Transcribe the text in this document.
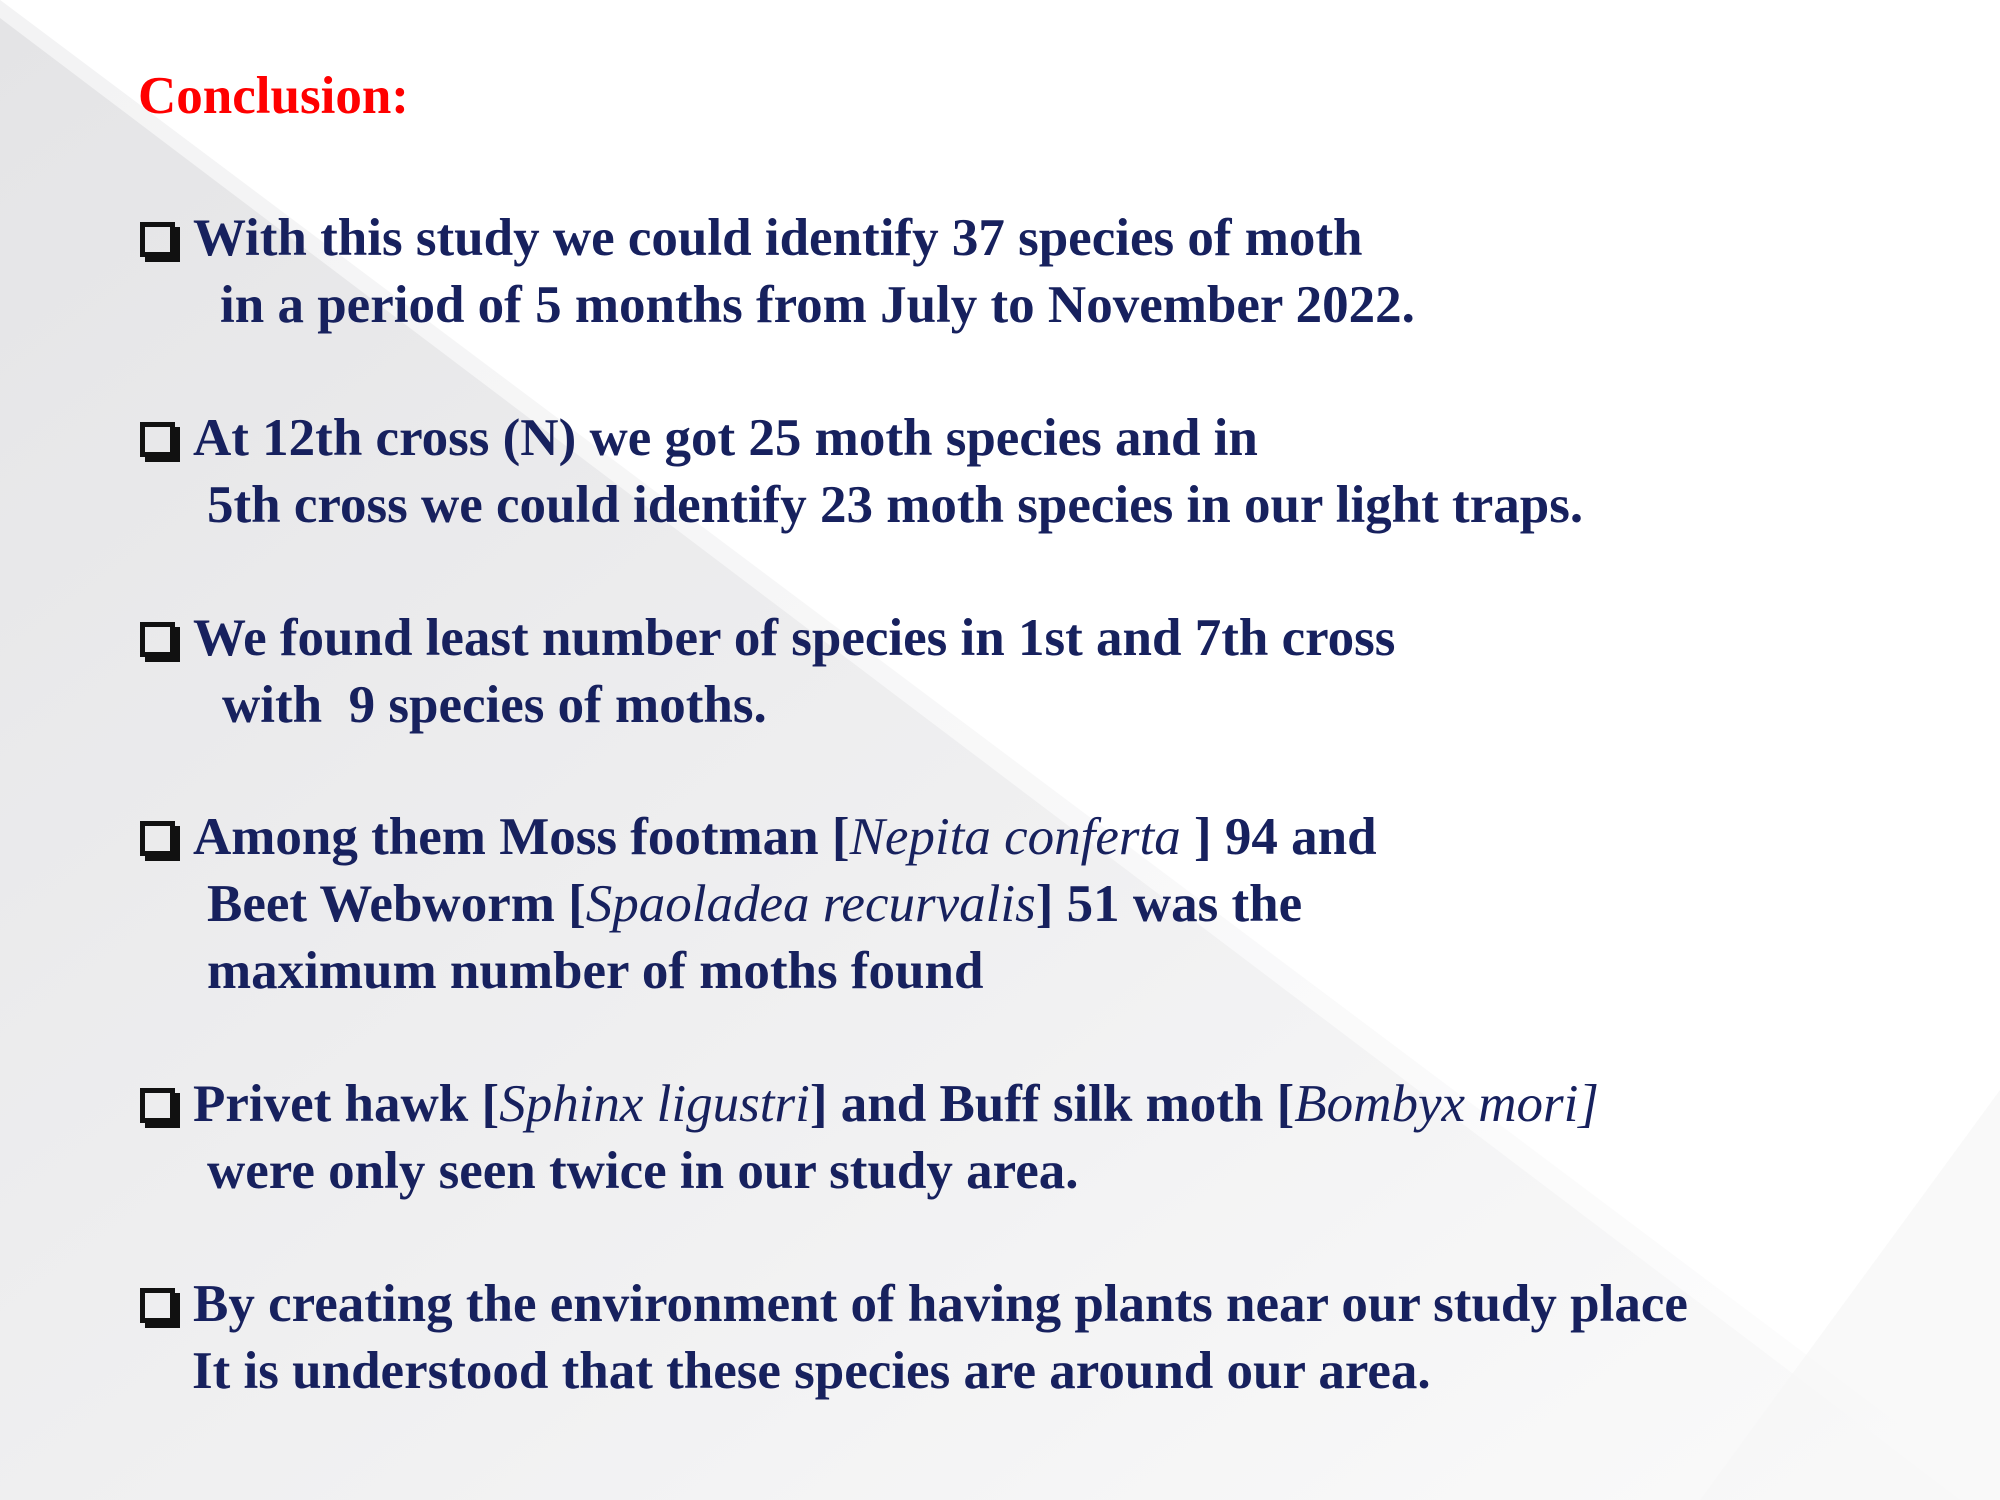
Conclusion:
With this study we could identify 37 species of moth
in a period of 5 months from July to November 2022.
At 12th cross (N) we got 25 moth species and in
5th cross we could identify 23 moth species in our light traps.
We found least number of species in 1st and 7th cross
with  9 species of moths.
Among them Moss footman [Nepita conferta ] 94 and
Beet Webworm [Spaoladea recurvalis] 51 was the
maximum number of moths found
Privet hawk [Sphinx ligustri] and Buff silk moth [Bombyx mori]
were only seen twice in our study area.
By creating the environment of having plants near our study place
It is understood that these species are around our area.
